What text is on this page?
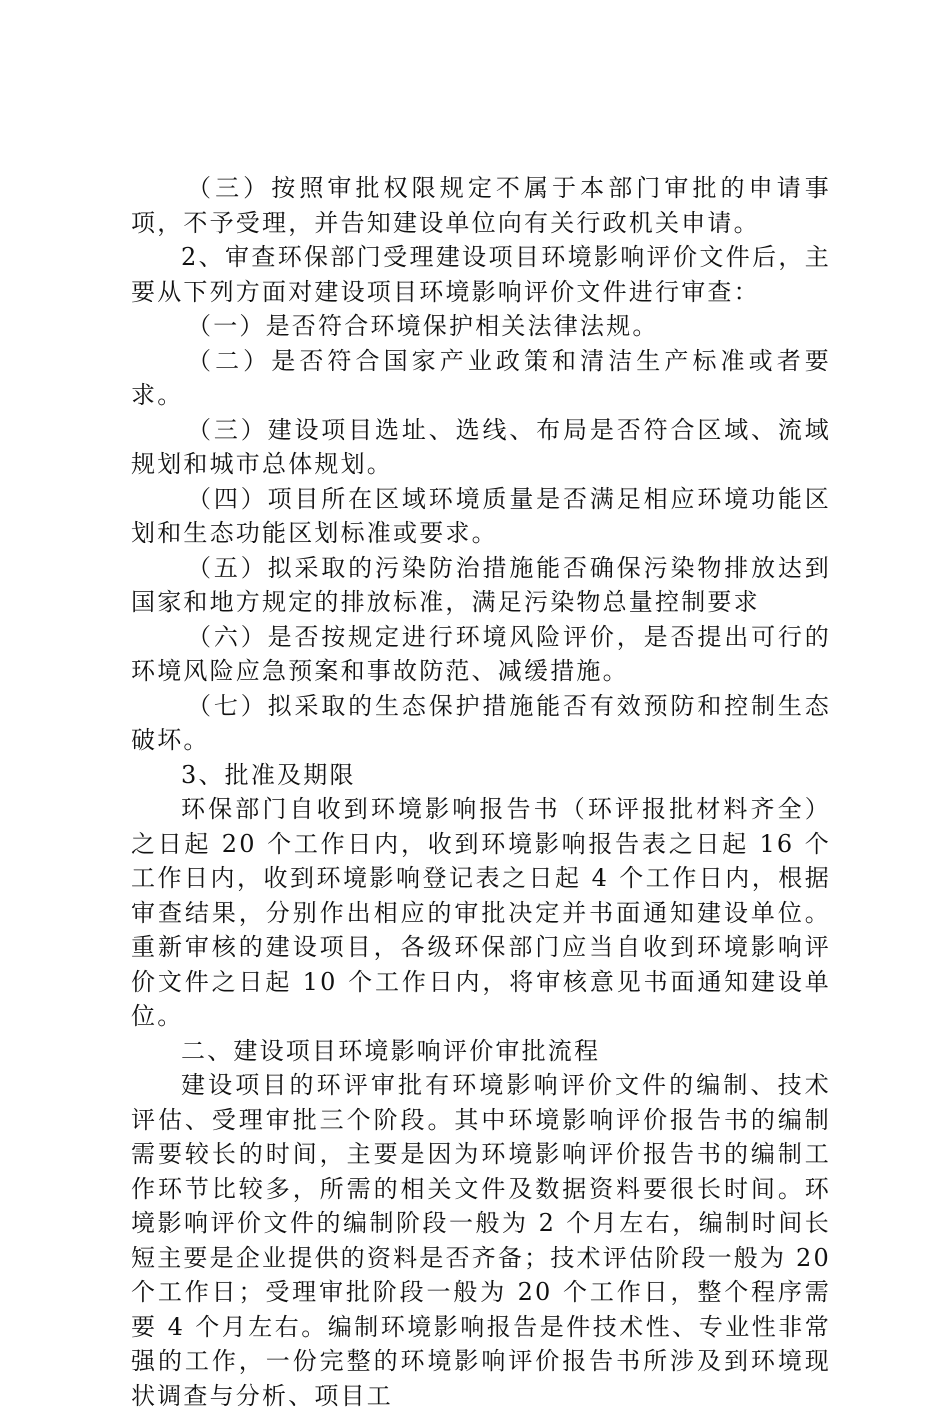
（三）按照审批权限规定不属于本部门审批的申请事项，不予受理，并告知建设单位向有关行政机关申请。

2、审查环保部门受理建设项目环境影响评价文件后，主要从下列方面对建设项目环境影响评价文件进行审查：

（一）是否符合环境保护相关法律法规。

（二）是否符合国家产业政策和清洁生产标准或者要求。

（三）建设项目选址、选线、布局是否符合区域、流域规划和城市总体规划。

（四）项目所在区域环境质量是否满足相应环境功能区划和生态功能区划标准或要求。

（五）拟采取的污染防治措施能否确保污染物排放达到国家和地方规定的排放标准，满足污染物总量控制要求

（六）是否按规定进行环境风险评价，是否提出可行的环境风险应急预案和事故防范、减缓措施。

（七）拟采取的生态保护措施能否有效预防和控制生态破坏。

3、批准及期限

环保部门自收到环境影响报告书（环评报批材料齐全）之日起 20 个工作日内，收到环境影响报告表之日起 16 个工作日内，收到环境影响登记表之日起 4 个工作日内，根据审查结果，分别作出相应的审批决定并书面通知建设单位。重新审核的建设项目，各级环保部门应当自收到环境影响评价文件之日起 10 个工作日内，将审核意见书面通知建设单位。

二、建设项目环境影响评价审批流程

建设项目的环评审批有环境影响评价文件的编制、技术评估、受理审批三个阶段。其中环境影响评价报告书的编制需要较长的时间，主要是因为环境影响评价报告书的编制工作环节比较多，所需的相关文件及数据资料要很长时间。环境影响评价文件的编制阶段一般为 2 个月左右，编制时间长短主要是企业提供的资料是否齐备；技术评估阶段一般为 20 个工作日；受理审批阶段一般为 20 个工作日，整个程序需要 4 个月左右。编制环境影响报告是件技术性、专业性非常强的工作，一份完整的环境影响评价报告书所涉及到环境现状调查与分析、项目工
